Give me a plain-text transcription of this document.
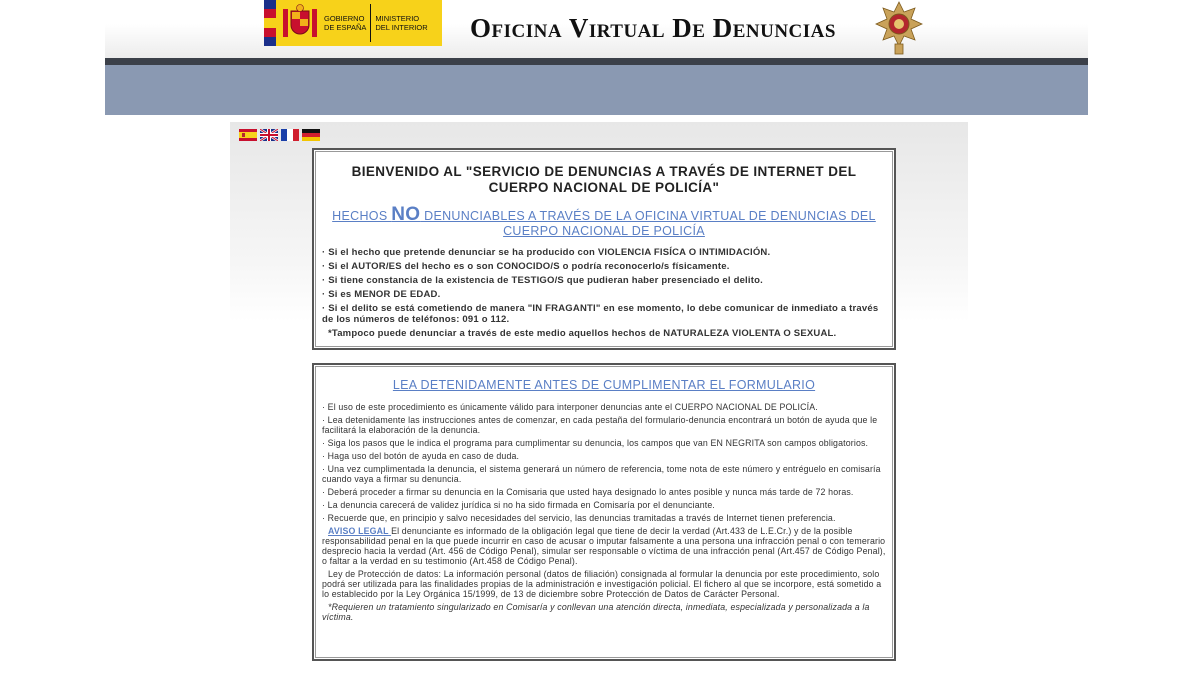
GOBIERNO
DE ESPAÑA
MINISTERIO
DEL INTERIOR Oficina Virtual De Denuncias
BIENVENIDO AL "SERVICIO DE DENUNCIAS A TRAVÉS DE INTERNET DEL CUERPO NACIONAL DE POLICÍA"
HECHOS NO DENUNCIABLES A TRAVÉS DE LA OFICINA VIRTUAL DE DENUNCIAS DEL CUERPO NACIONAL DE POLICÍA
· Si el hecho que pretende denunciar se ha producido con VIOLENCIA FISÍCA O INTIMIDACIÓN.
· Si el AUTOR/ES del hecho es o son CONOCIDO/S o podría reconocerlo/s físicamente.
· Si tiene constancia de la existencia de TESTIGO/S que pudieran haber presenciado el delito.
· Si es MENOR DE EDAD.
· Si el delito se está cometiendo de manera "IN FRAGANTI" en ese momento, lo debe comunicar de inmediato a través de los números de teléfonos: 091 o 112.
*Tampoco puede denunciar a través de este medio aquellos hechos de NATURALEZA VIOLENTA O SEXUAL.
LEA DETENIDAMENTE ANTES DE CUMPLIMENTAR EL FORMULARIO
· El uso de este procedimiento es únicamente válido para interponer denuncias ante el CUERPO NACIONAL DE POLICÍA.
· Lea detenidamente las instrucciones antes de comenzar, en cada pestaña del formulario-denuncia encontrará un botón de ayuda que le facilitará la elaboración de la denuncia.
· Siga los pasos que le indica el programa para cumplimentar su denuncia, los campos que van EN NEGRITA son campos obligatorios.
· Haga uso del botón de ayuda en caso de duda.
· Una vez cumplimentada la denuncia, el sistema generará un número de referencia, tome nota de este número y entréguelo en comisaría cuando vaya a firmar su denuncia.
· Deberá proceder a firmar su denuncia en la Comisaria que usted haya designado lo antes posible y nunca más tarde de 72 horas.
· La denuncia carecerá de validez jurídica si no ha sido firmada en Comisaría por el denunciante.
· Recuerde que, en principio y salvo necesidades del servicio, las denuncias tramitadas a través de Internet tienen preferencia.
AVISO LEGAL El denunciante es informado de la obligación legal que tiene de decir la verdad (Art.433 de L.E.Cr.) y de la posible responsabilidad penal en la que puede incurrir en caso de acusar o imputar falsamente a una persona una infracción penal o con temerario desprecio hacia la verdad (Art. 456 de Código Penal), simular ser responsable o víctima de una infracción penal (Art.457 de Código Penal), o faltar a la verdad en su testimonio (Art.458 de Código Penal).
Ley de Protección de datos: La información personal (datos de filiación) consignada al formular la denuncia por este procedimiento, solo podrá ser utilizada para las finalidades propias de la administración e investigación policial. El fichero al que se incorpore, está sometido a lo establecido por la Ley Orgánica 15/1999, de 13 de diciembre sobre Protección de Datos de Carácter Personal.
*Requieren un tratamiento singularizado en Comisaría y conllevan una atención directa, inmediata, especializada y personalizada a la víctima.
